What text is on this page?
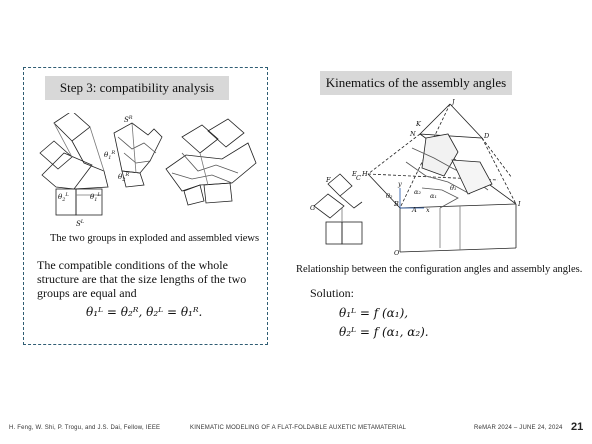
Step 3: compatibility analysis
$S^R$
$S^L$
$\theta_1^R$
$\theta_2^R$
$\theta_2^L$	$\theta_1^L$
The two groups in exploded and assembled views
The compatible conditions of the whole structure are that the size lengths of the two groups are equal and
θ₁ᴸ = θ₂ᴿ, θ₂ᴸ = θ₁ᴿ.
Kinematics of the assembly angles
J
N	D
K
H
A
B	I
O
C
x
y
F
G
E
α₁
α₂	θ₁
θ₂
Relationship between the configuration angles and assembly angles.
Solution:
θ₁ᴸ = f (α₁),
θ₂ᴸ = f (α₁, α₂).
H. Feng, W. Shi, P. Trogu, and J.S. Dai, Fellow, IEEE	KINEMATIC MODELING OF A FLAT-FOLDABLE AUXETIC METAMATERIAL	ReMAR 2024 – JUNE 24, 2024 21
